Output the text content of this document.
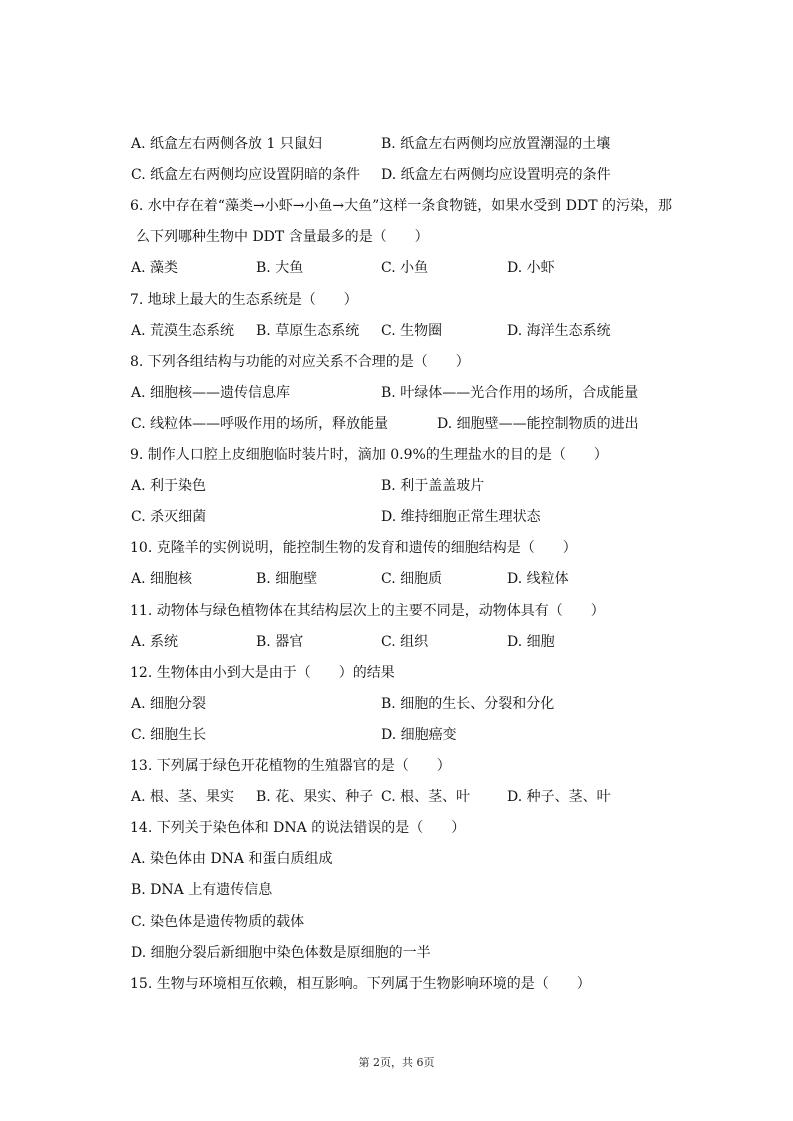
A. 纸盒左右两侧各放 1 只鼠妇	B. 纸盒左右两侧均应放置潮湿的土壤
C. 纸盒左右两侧均应设置阴暗的条件 D. 纸盒左右两侧均应设置明亮的条件
6. 水中存在着“藻类→小虾→小鱼→大鱼”这样一条食物链，如果水受到 DDT 的污染，那
么下列哪种生物中 DDT 含量最多的是（　　）
A. 藻类	B. 大鱼	C. 小鱼	D. 小虾
7. 地球上最大的生态系统是（　　）
A. 荒漠生态系统 B. 草原生态系统 C. 生物圈	D. 海洋生态系统
8. 下列各组结构与功能的对应关系不合理的是（　　）
A. 细胞核——遗传信息库	B. 叶绿体——光合作用的场所，合成能量
C. 线粒体——呼吸作用的场所，释放能量	D. 细胞壁——能控制物质的进出
9. 制作人口腔上皮细胞临时装片时，滴加 0.9%的生理盐水的目的是（　　）
A. 利于染色	B. 利于盖盖玻片
C. 杀灭细菌	D. 维持细胞正常生理状态
10. 克隆羊的实例说明，能控制生物的发育和遗传的细胞结构是（　　）
A. 细胞核	B. 细胞壁	C. 细胞质	D. 线粒体
11. 动物体与绿色植物体在其结构层次上的主要不同是，动物体具有（　　）
A. 系统	B. 器官	C. 组织	D. 细胞
12. 生物体由小到大是由于（　　）的结果
A. 细胞分裂	B. 细胞的生长、分裂和分化
C. 细胞生长	D. 细胞癌变
13. 下列属于绿色开花植物的生殖器官的是（　　）
A. 根、茎、果实 B. 花、果实、种子 C. 根、茎、叶	D. 种子、茎、叶
14. 下列关于染色体和 DNA 的说法错误的是（　　）
A. 染色体由 DNA 和蛋白质组成
B. DNA 上有遗传信息
C. 染色体是遗传物质的载体
D. 细胞分裂后新细胞中染色体数是原细胞的一半
15. 生物与环境相互依赖，相互影响。下列属于生物影响环境的是（　　）
第 2页，共 6页
